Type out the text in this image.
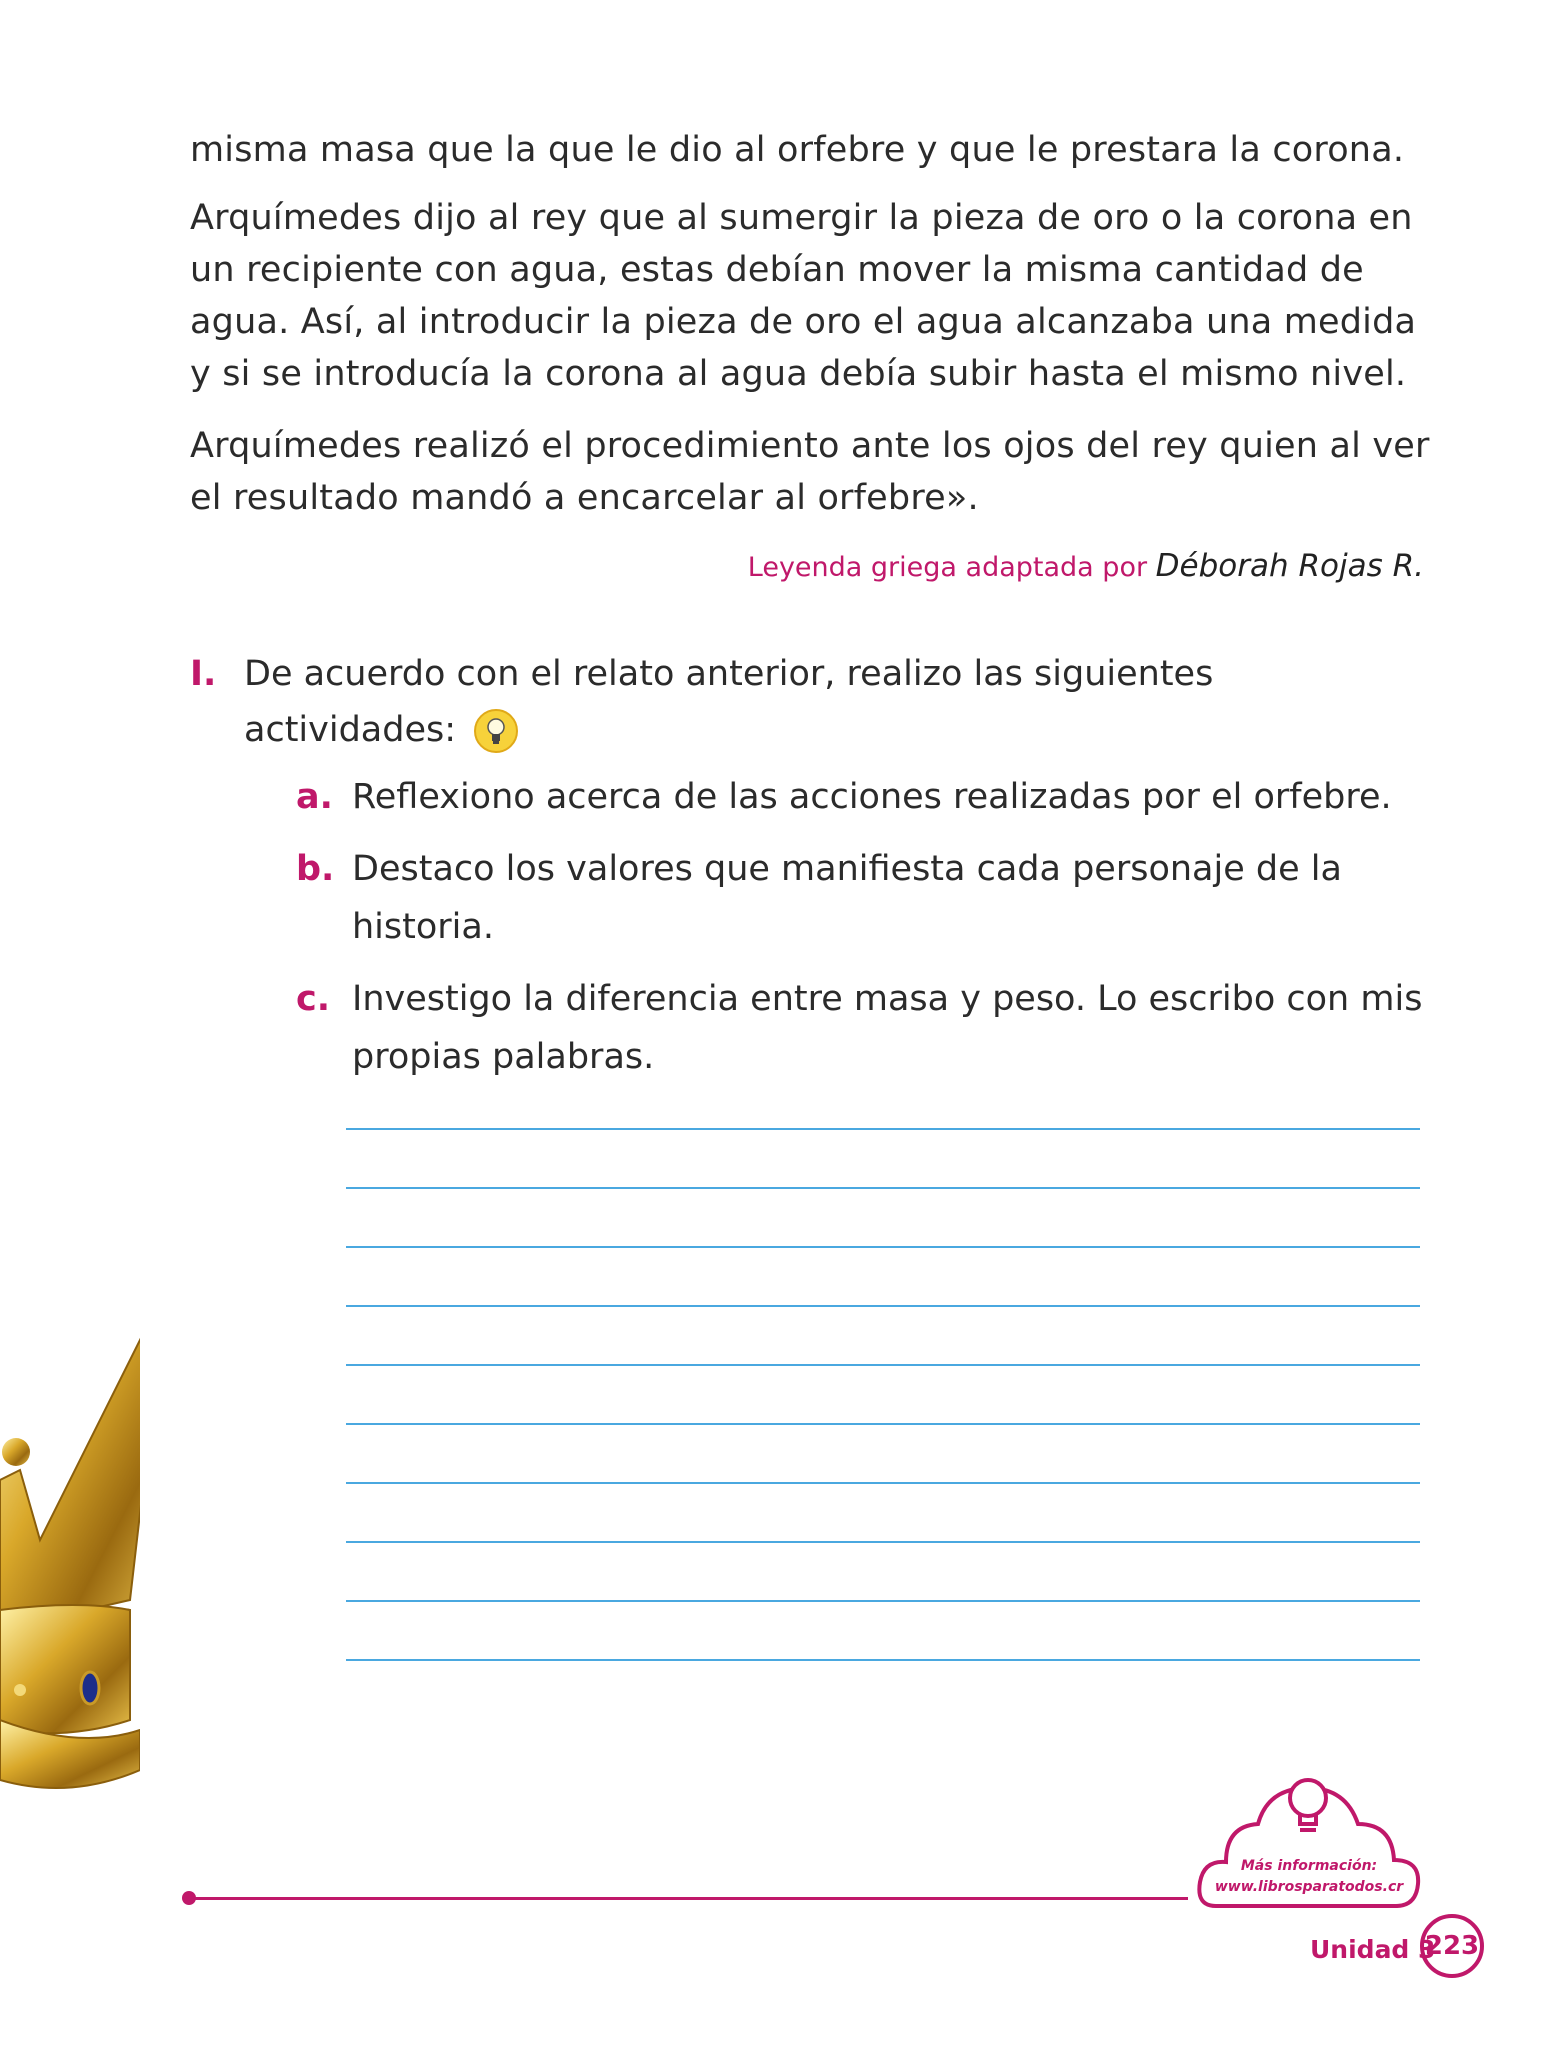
misma masa que la que le dio al orfebre y que le prestara la corona.
Arquímedes dijo al rey que al sumergir la pieza de oro o la corona en un recipiente con agua, estas debían mover la misma cantidad de agua. Así, al introducir la pieza de oro el agua alcanzaba una medida y si se introducía la corona al agua debía subir hasta el mismo nivel.
Arquímedes realizó el procedimiento ante los ojos del rey quien al ver el resultado mandó a encarcelar al orfebre».
Leyenda griega adaptada por Déborah Rojas R.
I. De acuerdo con el relato anterior, realizo las siguientes actividades:
a. Reflexiono acerca de las acciones realizadas por el orfebre.
b. Destaco los valores que manifiesta cada personaje de la historia.
c. Investigo la diferencia entre masa y peso. Lo escribo con mis propias palabras.
Más información:
www.librosparatodos.cr
Unidad 3
223
